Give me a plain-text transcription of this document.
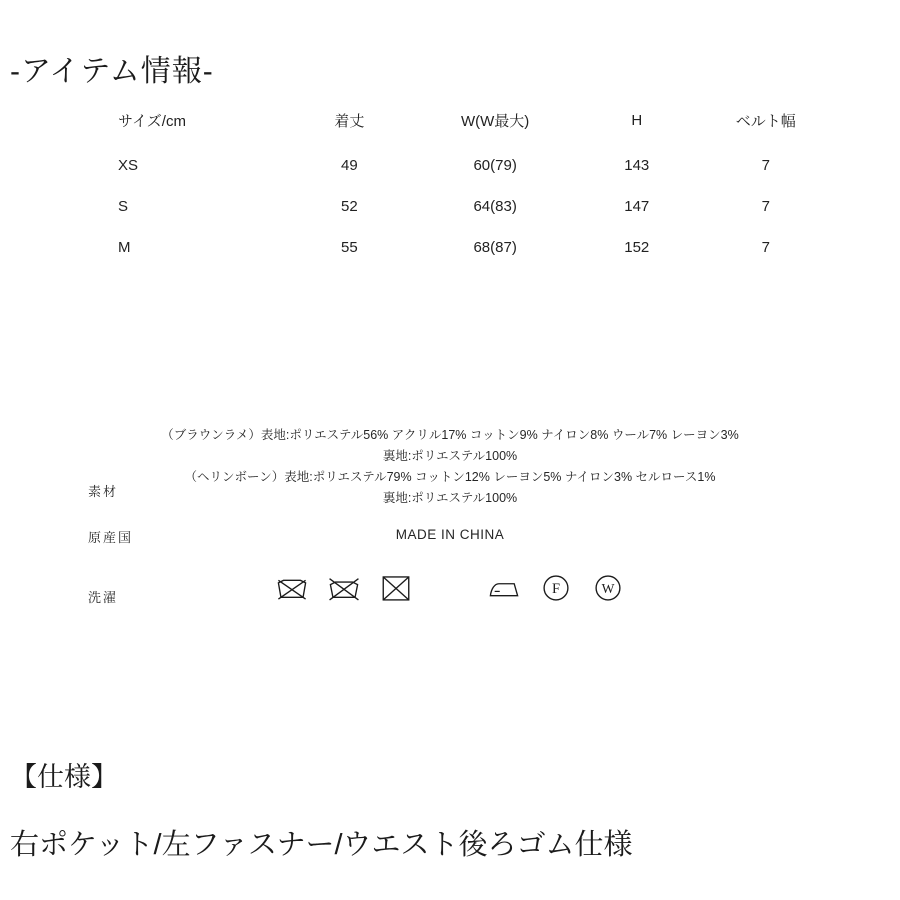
-アイテム情報-
サイズ/cm	着丈	W(W最大)	H	ベルト幅
XS	49	60(79)	143	7
S	52	64(83)	147	7
M	55	68(87)	152	7
素材
（ブラウンラメ）表地:ポリエステル56% アクリル17% コットン9% ナイロン8% ウール7% レーヨン3%
裏地:ポリエステル100%
（ヘリンボーン）表地:ポリエステル79% コットン12% レーヨン5% ナイロン3% セルロース1%
裏地:ポリエステル100%
原産国	MADE IN CHINA
洗濯
F	W
【仕様】
右ポケット/左ファスナー/ウエスト後ろゴム仕様
